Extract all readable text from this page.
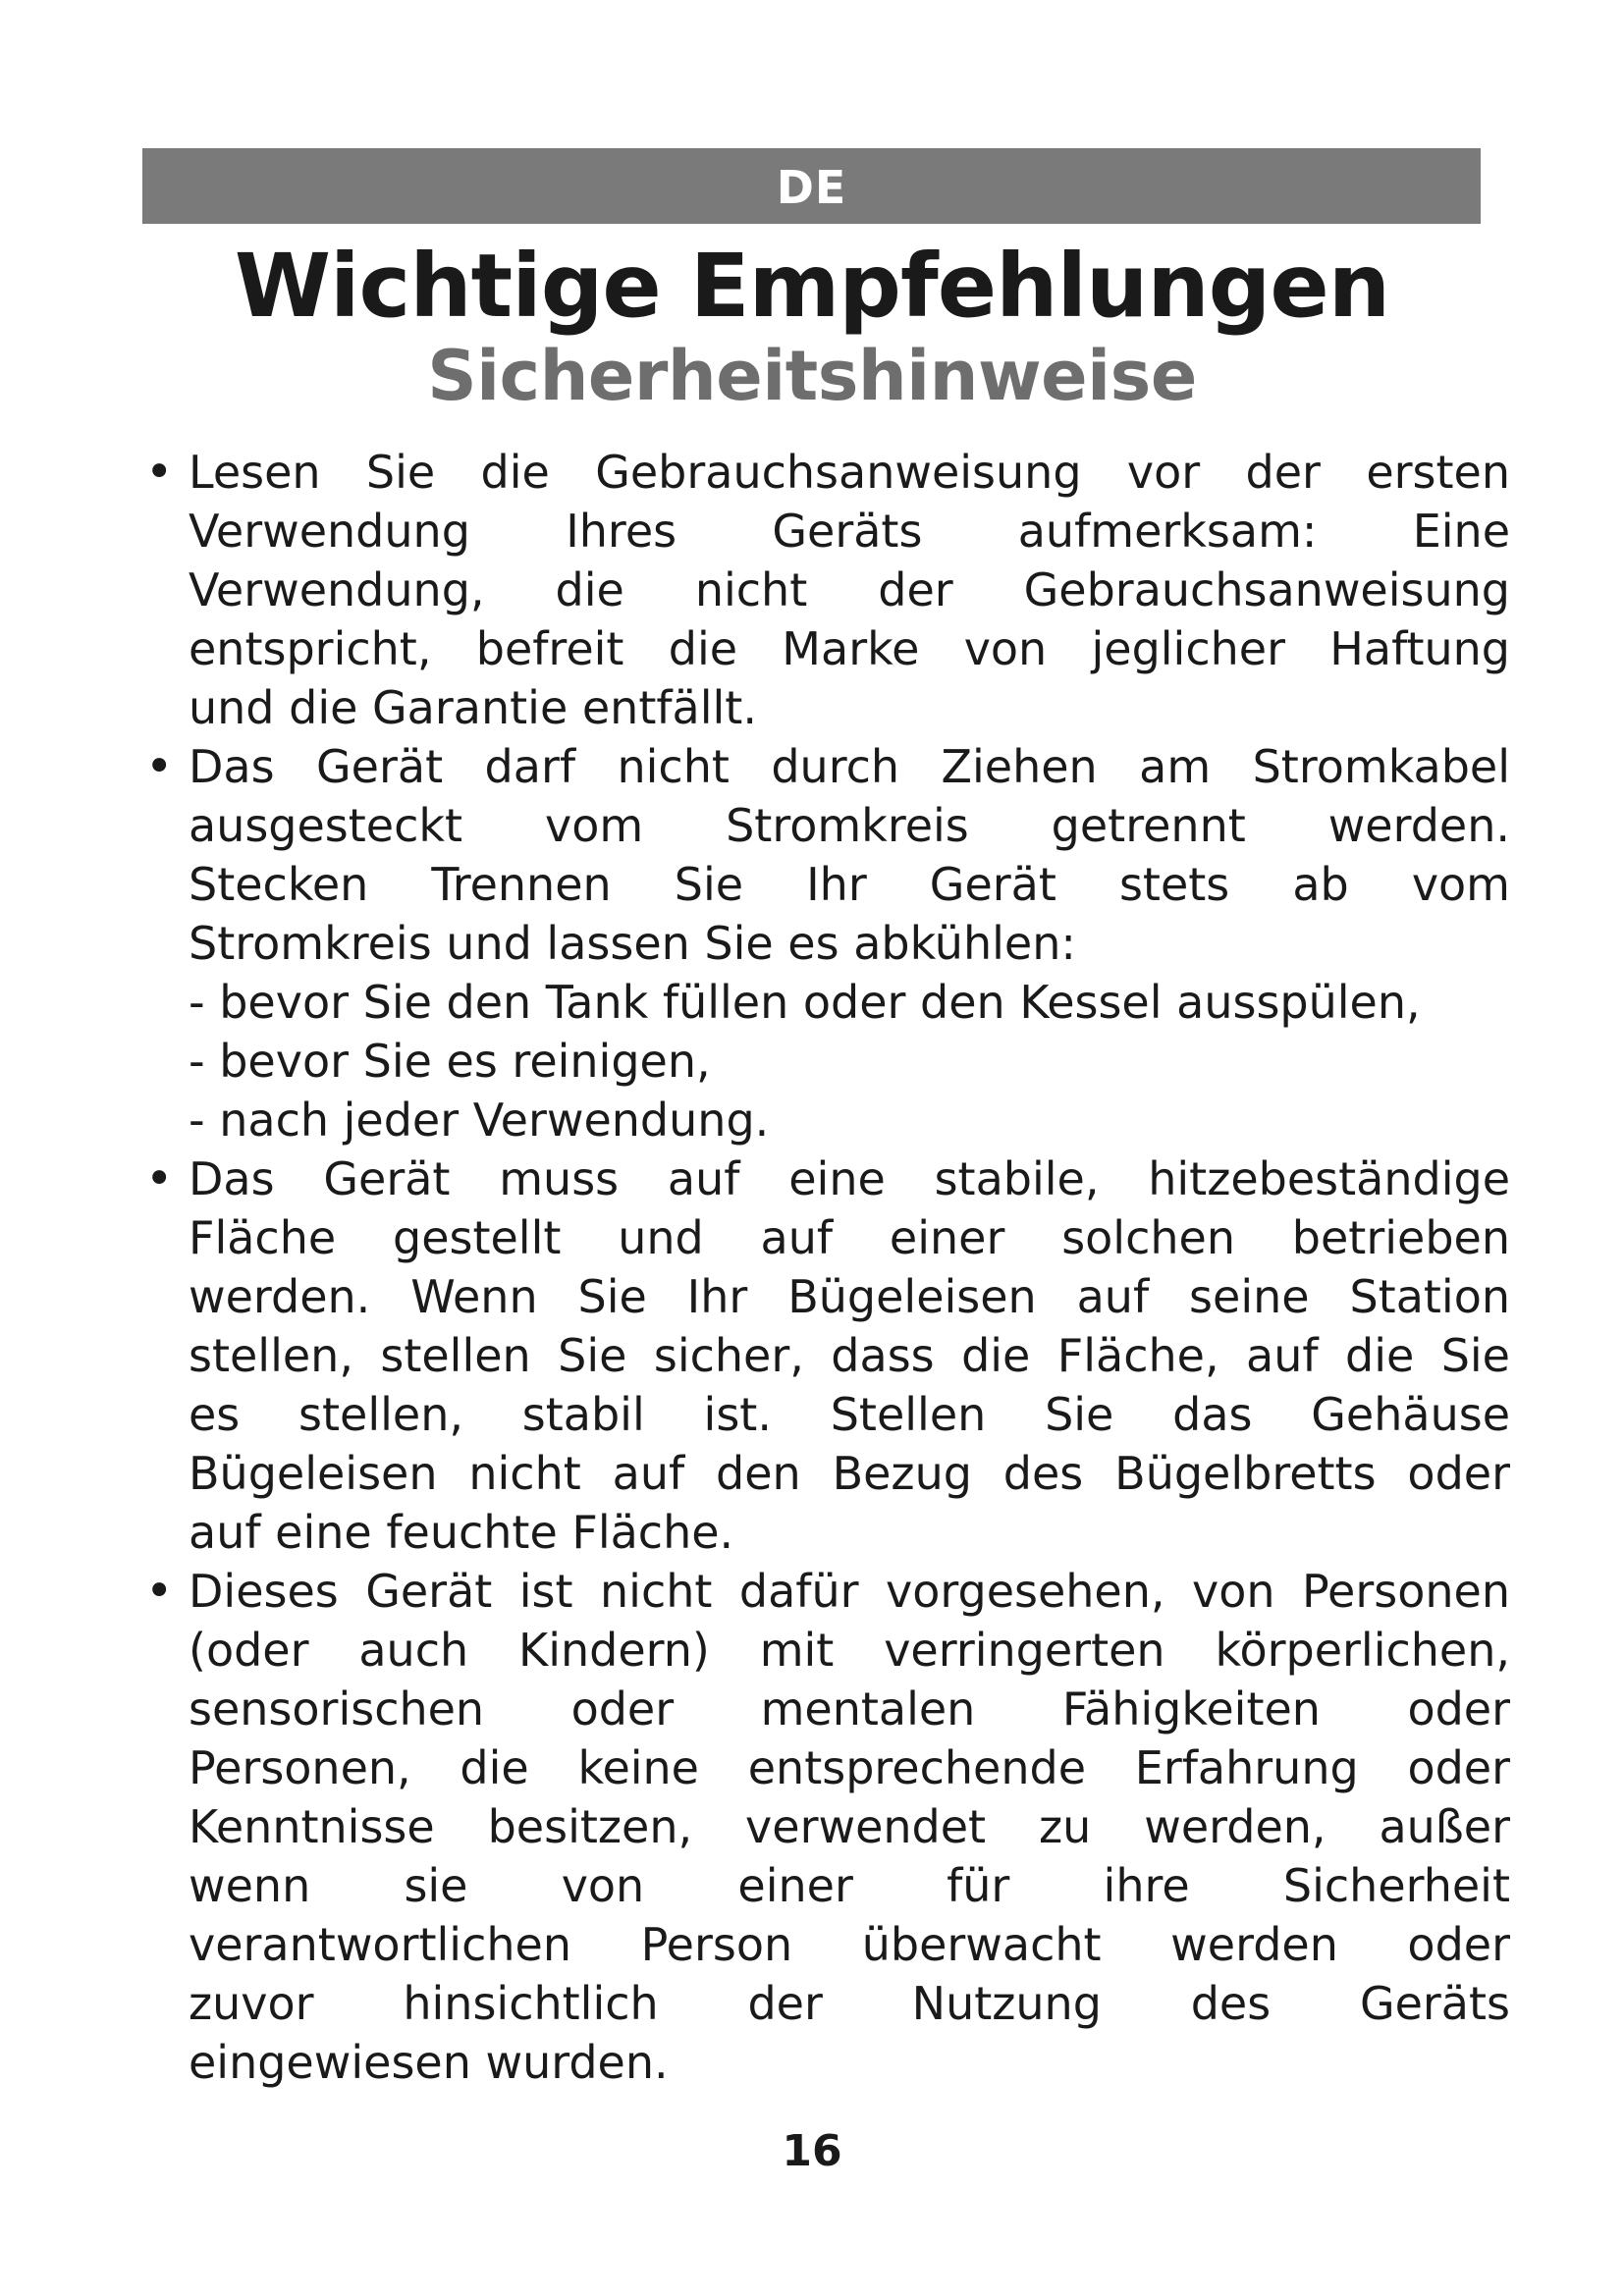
DE
Wichtige Empfehlungen
Sicherheitshinweise
• Lesen Sie die Gebrauchsanweisung vor der ersten
Verwendung Ihres Geräts aufmerksam: Eine
Verwendung, die nicht der Gebrauchsanweisung
entspricht, befreit die Marke von jeglicher Haftung
und die Garantie entfällt.
• Das Gerät darf nicht durch Ziehen am Stromkabel
ausgesteckt vom Stromkreis getrennt werden.
Stecken Trennen Sie Ihr Gerät stets ab vom
Stromkreis und lassen Sie es abkühlen:
- bevor Sie den Tank füllen oder den Kessel ausspülen,
- bevor Sie es reinigen,
- nach jeder Verwendung.
• Das Gerät muss auf eine stabile, hitzebeständige
Fläche gestellt und auf einer solchen betrieben
werden. Wenn Sie Ihr Bügeleisen auf seine Station
stellen, stellen Sie sicher, dass die Fläche, auf die Sie
es stellen, stabil ist. Stellen Sie das Gehäuse
Bügeleisen nicht auf den Bezug des Bügelbretts oder
auf eine feuchte Fläche.
• Dieses Gerät ist nicht dafür vorgesehen, von Personen
(oder auch Kindern) mit verringerten körperlichen,
sensorischen oder mentalen Fähigkeiten oder
Personen, die keine entsprechende Erfahrung oder
Kenntnisse besitzen, verwendet zu werden, außer
wenn sie von einer für ihre Sicherheit
verantwortlichen Person überwacht werden oder
zuvor hinsichtlich der Nutzung des Geräts
eingewiesen wurden.
16
